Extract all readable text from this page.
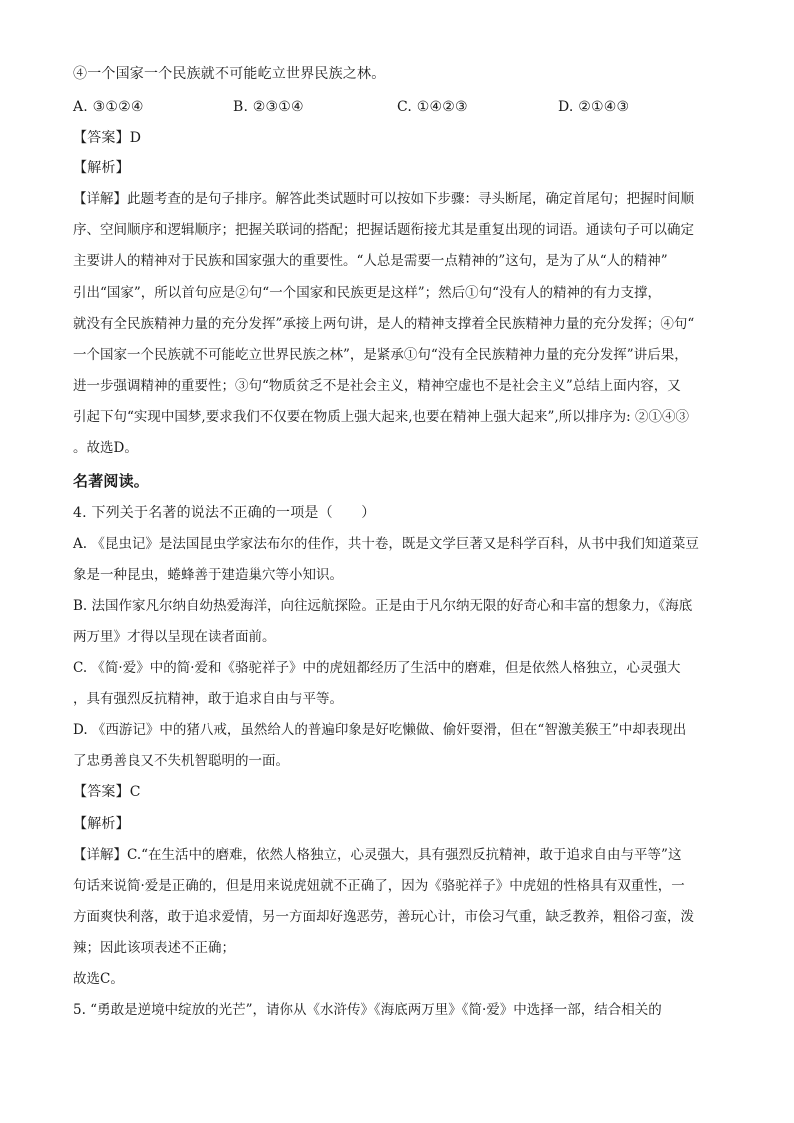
④一个国家一个民族就不可能屹立世界民族之林。
A. ③①②④	B. ②③①④	C. ①④②③	D. ②①④③
【答案】D
【解析】
【详解】此题考查的是句子排序。解答此类试题时可以按如下步骤：寻头断尾，确定首尾句；把握时间顺
序、空间顺序和逻辑顺序；把握关联词的搭配；把握话题衔接尤其是重复出现的词语。通读句子可以确定
主要讲人的精神对于民族和国家强大的重要性。“人总是需要一点精神的”这句，是为了从“人的精神”
引出“国家”，所以首句应是②句“一个国家和民族更是这样”；然后①句“没有人的精神的有力支撑，
就没有全民族精神力量的充分发挥”承接上两句讲，是人的精神支撑着全民族精神力量的充分发挥；④句“
一个国家一个民族就不可能屹立世界民族之林”，是紧承①句“没有全民族精神力量的充分发挥”讲后果，
进一步强调精神的重要性；③句“物质贫乏不是社会主义，精神空虚也不是社会主义”总结上面内容，又
引起下句“实现中国梦,要求我们不仅要在物质上强大起来,也要在精神上强大起来”,所以排序为: ②①④③
。故选D。
名著阅读。
4. 下列关于名著的说法不正确的一项是（　　）
A. 《昆虫记》是法国昆虫学家法布尔的佳作，共十卷，既是文学巨著又是科学百科，从书中我们知道菜豆
象是一种昆虫，蜷蜂善于建造巢穴等小知识。
B. 法国作家凡尔纳自幼热爱海洋，向往远航探险。正是由于凡尔纳无限的好奇心和丰富的想象力，《海底
两万里》才得以呈现在读者面前。
C. 《简·爱》中的简·爱和《骆驼祥子》中的虎妞都经历了生活中的磨难，但是依然人格独立，心灵强大
，具有强烈反抗精神，敢于追求自由与平等。
D. 《西游记》中的猪八戒，虽然给人的普遍印象是好吃懒做、偷奸耍滑，但在“智激美猴王”中却表现出
了忠勇善良又不失机智聪明的一面。
【答案】C
【解析】
【详解】C.“在生活中的磨难，依然人格独立，心灵强大，具有强烈反抗精神，敢于追求自由与平等”这
句话来说简·爱是正确的，但是用来说虎妞就不正确了，因为《骆驼祥子》中虎妞的性格具有双重性，一
方面爽快利落，敢于追求爱情，另一方面却好逸恶劳，善玩心计，市侩习气重，缺乏教养，粗俗刁蛮，泼
辣；因此该项表述不正确；
故选C。
5. “勇敢是逆境中绽放的光芒”，请你从《水浒传》《海底两万里》《简·爱》中选择一部，结合相关的
